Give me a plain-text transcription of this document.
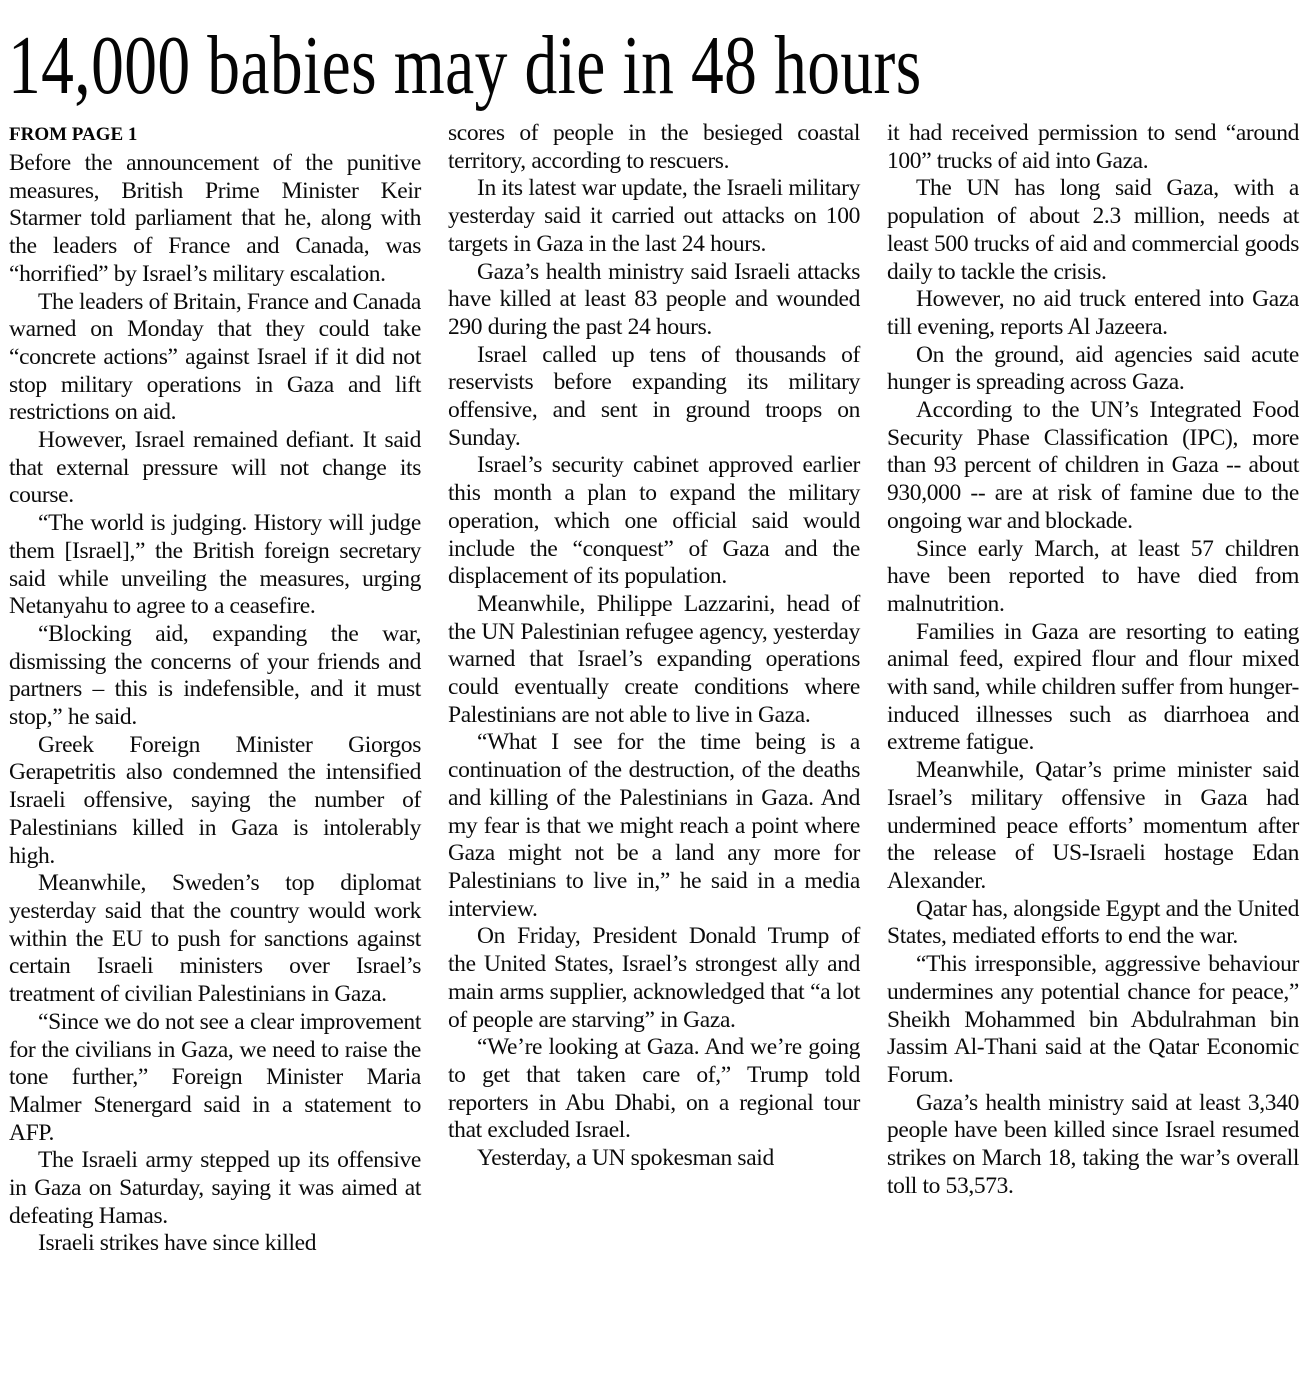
14,000 babies may die in 48 hours
FROM PAGE 1

Before the announcement of the punitive measures, British Prime Minister Keir Starmer told parliament that he, along with the leaders of France and Canada, was “horrified” by Israel’s military escalation.

The leaders of Britain, France and Canada warned on Monday that they could take “concrete actions” against Israel if it did not stop military operations in Gaza and lift restrictions on aid.

However, Israel remained defiant. It said that external pressure will not change its course.

“The world is judging. History will judge them [Israel],” the British foreign secretary said while unveiling the measures, urging Netanyahu to agree to a ceasefire.

“Blocking aid, expanding the war, dismissing the concerns of your friends and partners – this is indefensible, and it must stop,” he said.

Greek Foreign Minister Giorgos Gerapetritis also condemned the intensified Israeli offensive, saying the number of Palestinians killed in Gaza is intolerably high.

Meanwhile, Sweden’s top diplomat yesterday said that the country would work within the EU to push for sanctions against certain Israeli ministers over Israel’s treatment of civilian Palestinians in Gaza.

“Since we do not see a clear improvement for the civilians in Gaza, we need to raise the tone further,” Foreign Minister Maria Malmer Stenergard said in a statement to AFP.

The Israeli army stepped up its offensive in Gaza on Saturday, saying it was aimed at defeating Hamas.

Israeli strikes have since killed

scores of people in the besieged coastal territory, according to rescuers.

In its latest war update, the Israeli military yesterday said it carried out attacks on 100 targets in Gaza in the last 24 hours.

Gaza’s health ministry said Israeli attacks have killed at least 83 people and wounded 290 during the past 24 hours.

Israel called up tens of thousands of reservists before expanding its military offensive, and sent in ground troops on Sunday.

Israel’s security cabinet approved earlier this month a plan to expand the military operation, which one official said would include the “conquest” of Gaza and the displacement of its population.

Meanwhile, Philippe Lazzarini, head of the UN Palestinian refugee agency, yesterday warned that Israel’s expanding operations could eventually create conditions where Palestinians are not able to live in Gaza.

“What I see for the time being is a continuation of the destruction, of the deaths and killing of the Palestinians in Gaza. And my fear is that we might reach a point where Gaza might not be a land any more for Palestinians to live in,” he said in a media interview.

On Friday, President Donald Trump of the United States, Israel’s strongest ally and main arms supplier, acknowledged that “a lot of people are starving” in Gaza.

“We’re looking at Gaza. And we’re going to get that taken care of,” Trump told reporters in Abu Dhabi, on a regional tour that excluded Israel.

Yesterday, a UN spokesman said

it had received permission to send “around 100” trucks of aid into Gaza.

The UN has long said Gaza, with a population of about 2.3 million, needs at least 500 trucks of aid and commercial goods daily to tackle the crisis.

However, no aid truck entered into Gaza till evening, reports Al Jazeera.

On the ground, aid agencies said acute hunger is spreading across Gaza.

According to the UN’s Integrated Food Security Phase Classification (IPC), more than 93 percent of children in Gaza -- about 930,000 -- are at risk of famine due to the ongoing war and blockade.

Since early March, at least 57 children have been reported to have died from malnutrition.

Families in Gaza are resorting to eating animal feed, expired flour and flour mixed with sand, while children suffer from hunger-induced illnesses such as diarrhoea and extreme fatigue.

Meanwhile, Qatar’s prime minister said Israel’s military offensive in Gaza had undermined peace efforts’ momentum after the release of US-Israeli hostage Edan Alexander.

Qatar has, alongside Egypt and the United States, mediated efforts to end the war.

“This irresponsible, aggressive behaviour undermines any potential chance for peace,” Sheikh Mohammed bin Abdulrahman bin Jassim Al-Thani said at the Qatar Economic Forum.

Gaza’s health ministry said at least 3,340 people have been killed since Israel resumed strikes on March 18, taking the war’s overall toll to 53,573.
